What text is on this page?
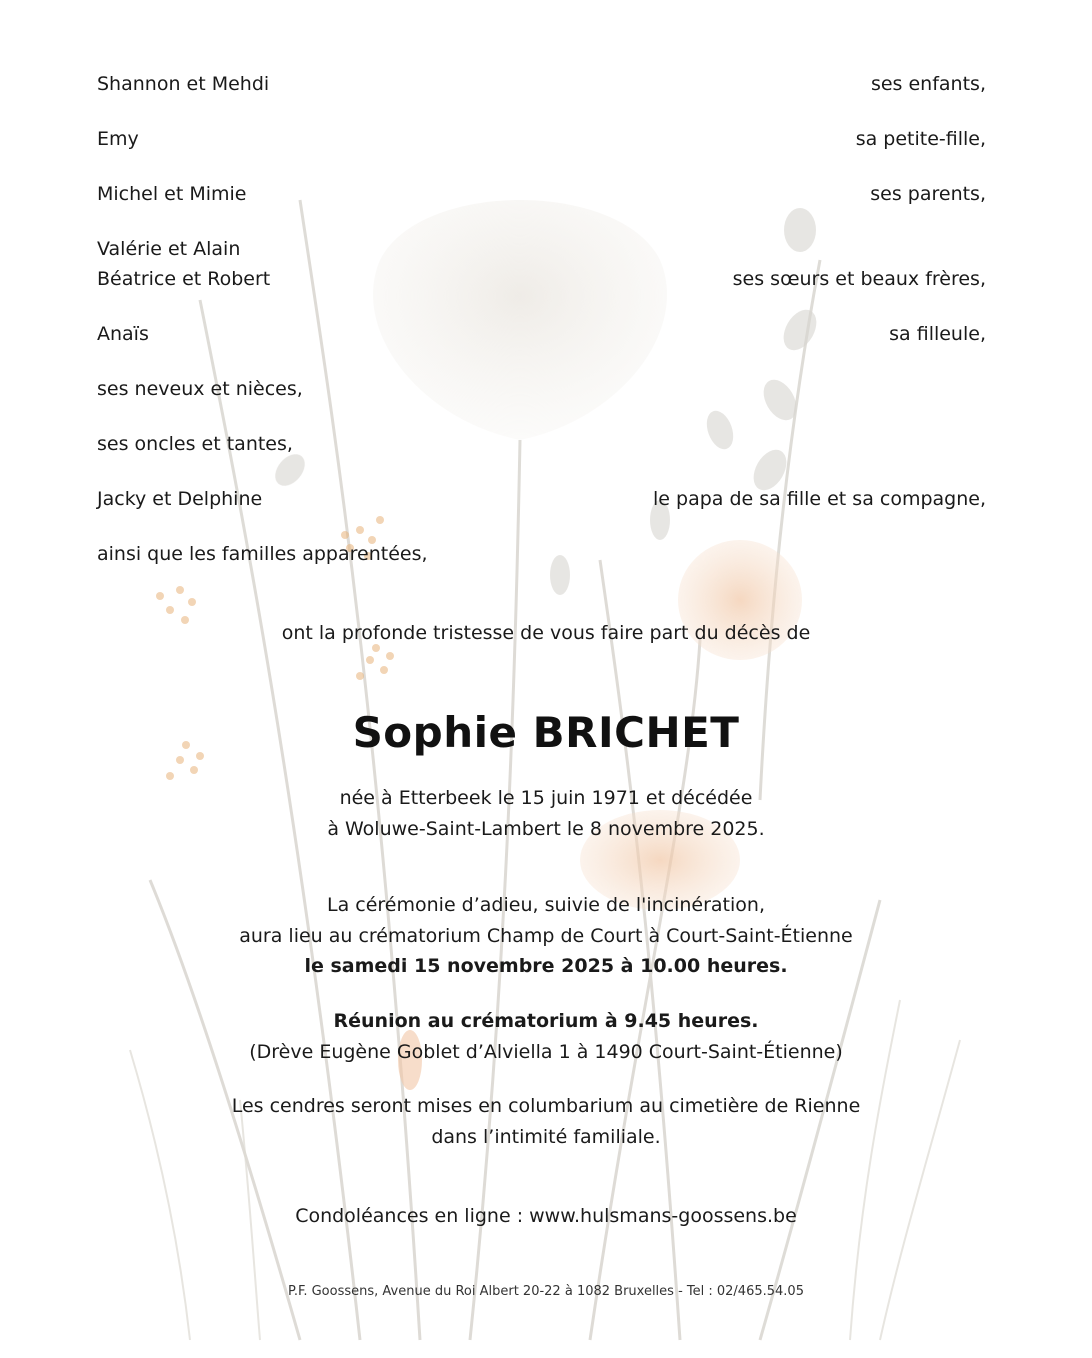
Shannon et Mehdi	ses enfants,
Emy	sa petite-fille,
Michel et Mimie	ses parents,
Valérie et Alain
Béatrice et Robert	ses sœurs et beaux frères,
Anaïs	sa filleule,
ses neveux et nièces,
ses oncles et tantes,
Jacky et Delphine	le papa de sa fille et sa compagne,
ainsi que les familles apparentées,
ont la profonde tristesse de vous faire part du décès de
Sophie BRICHET
née à Etterbeek le 15 juin 1971 et décédée
à Woluwe-Saint-Lambert le 8 novembre 2025.
La cérémonie d’adieu, suivie de l'incinération,
aura lieu au crématorium Champ de Court à Court-Saint-Étienne
le samedi 15 novembre 2025 à 10.00 heures.
Réunion au crématorium à 9.45 heures.
(Drève Eugène Goblet d’Alviella 1 à 1490 Court-Saint-Étienne)
Les cendres seront mises en columbarium au cimetière de Rienne
dans l’intimité familiale.
Condoléances en ligne : www.hulsmans-goossens.be
P.F. Goossens, Avenue du Roi Albert 20-22 à 1082 Bruxelles - Tel : 02/465.54.05
